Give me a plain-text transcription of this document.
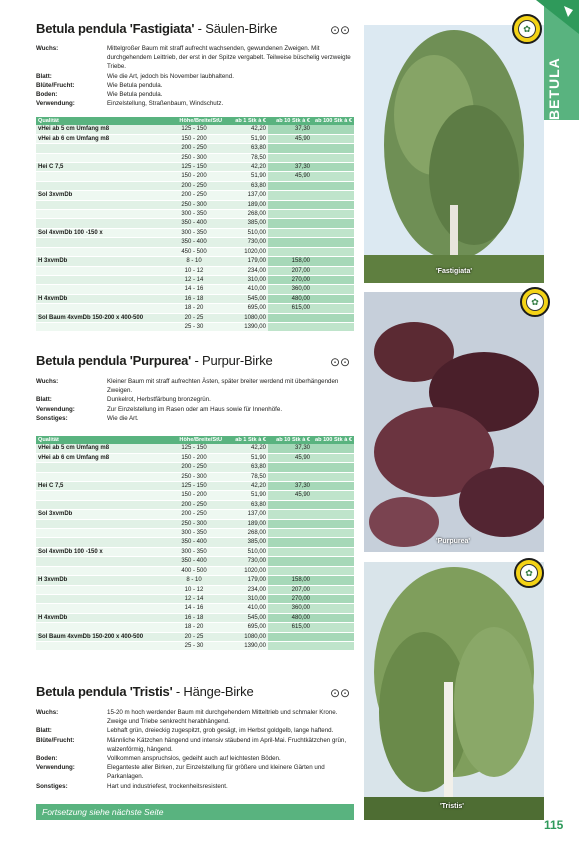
Betula pendula 'Fastigiata' - Säulen-Birke	⊙⊙
Wuchs:	Mittelgroßer Baum mit straff aufrecht wachsenden, gewundenen Zweigen. Mit durchgehendem Leittrieb, der erst in der Spitze vergabelt. Teilweise büschelig verzweigte Triebe.
Blatt:	Wie die Art, jedoch bis November laubhaltend.
Blüte/Frucht:	Wie Betula pendula.
Boden:	Wie Betula pendula.
Verwendung:	Einzelstellung, Straßenbaum, Windschutz.
Qualität	Höhe/Breite/StU	ab 1 Stk à €	ab 10 Stk à €	ab 100 Stk à €
vHei ab 5 cm Umfang m8	125 - 150	42,20	37,30	
vHei ab 6 cm Umfang m8	150 - 200	51,90	45,90	
	200 - 250	63,80		
	250 - 300	78,50		
Hei C 7,5	125 - 150	42,20	37,30	
	150 - 200	51,90	45,90	
	200 - 250	63,80		
Sol 3xvmDb	200 - 250	137,00		
	250 - 300	189,00		
	300 - 350	268,00		
	350 - 400	385,00		
Sol 4xvmDb 100 -150 x	300 - 350	510,00		
	350 - 400	730,00		
	450 - 500	1020,00		
H 3xvmDb	8 - 10	179,00	158,00	
	10 - 12	234,00	207,00	
	12 - 14	310,00	270,00	
	14 - 16	410,00	360,00	
H 4xvmDb	16 - 18	545,00	480,00	
	18 - 20	695,00	615,00	
Sol Baum 4xvmDb 150-200 x 400-500	20 - 25	1080,00		
	25 - 30	1390,00		
Betula pendula 'Purpurea' - Purpur-Birke	⊙⊙
Wuchs:	Kleiner Baum mit straff aufrechten Ästen, später breiter werdend mit überhängenden Zweigen.
Blatt:	Dunkelrot, Herbstfärbung bronzegrün.
Verwendung:	Zur Einzelstellung im Rasen oder am Haus sowie für Innenhöfe.
Sonstiges:	Wie die Art.
Qualität	Höhe/Breite/StU	ab 1 Stk à €	ab 10 Stk à €	ab 100 Stk à €
vHei ab 5 cm Umfang m8	125 - 150	42,20	37,30	
vHei ab 6 cm Umfang m8	150 - 200	51,90	45,90	
	200 - 250	63,80		
	250 - 300	78,50		
Hei C 7,5	125 - 150	42,20	37,30	
	150 - 200	51,90	45,90	
	200 - 250	63,80		
Sol 3xvmDb	200 - 250	137,00		
	250 - 300	189,00		
	300 - 350	268,00		
	350 - 400	385,00		
Sol 4xvmDb 100 -150 x	300 - 350	510,00		
	350 - 400	730,00		
	400 - 500	1020,00		
H 3xvmDb	8 - 10	179,00	158,00	
	10 - 12	234,00	207,00	
	12 - 14	310,00	270,00	
	14 - 16	410,00	360,00	
H 4xvmDb	16 - 18	545,00	480,00	
	18 - 20	695,00	615,00	
Sol Baum 4xvmDb 150-200 x 400-500	20 - 25	1080,00		
	25 - 30	1390,00		
Betula pendula 'Tristis' - Hänge-Birke	⊙⊙
Wuchs:	15-20 m hoch werdender Baum mit durchgehendem Mitteltrieb und schmaler Krone. Zweige und Triebe senkrecht herabhängend.
Blatt:	Lebhaft grün, dreieckig zugespitzt, grob gesägt, im Herbst goldgelb, lange haftend.
Blüte/Frucht:	Männliche Kätzchen hängend und intensiv stäubend im April-Mai. Fruchtkätzchen grün, walzenförmig, hängend.
Boden:	Vollkommen anspruchslos, gedeiht auch auf leichtesten Böden.
Verwendung:	Eleganteste aller Birken, zur Einzelstellung für größere und kleinere Gärten und Parkanlagen.
Sonstiges:	Hart und industriefest, trockenheitsresistent.
Fortsetzung siehe nächste Seite
115
BETULA
'Fastigiata'
✿
'Purpurea'
✿
'Tristis'
✿
